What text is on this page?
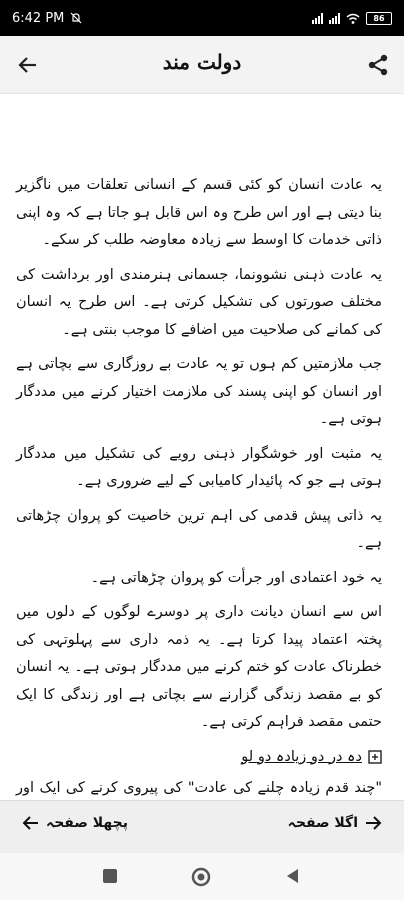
6:42 PM	86
دولت مند

یہ عادت انسان کو کئی قسم کے انسانی تعلقات میں ناگزیر بنا دیتی ہے اور اس طرح وہ اس قابل ہو جاتا ہے کہ وہ اپنی ذاتی خدمات کا اوسط سے زیادہ معاوضہ طلب کر سکے۔

یہ عادت ذہنی نشوونما، جسمانی ہنرمندی اور برداشت کی مختلف صورتوں کی تشکیل کرتی ہے۔ اس طرح یہ انسان کی کمانے کی صلاحیت میں اضافے کا موجب بنتی ہے۔

جب ملازمتیں کم ہوں تو یہ عادت بے روزگاری سے بچاتی ہے اور انسان کو اپنی پسند کی ملازمت اختیار کرنے میں مددگار ہوتی ہے۔

یہ مثبت اور خوشگوار ذہنی رویے کی تشکیل میں مددگار ہوتی ہے جو کہ پائیدار کامیابی کے لیے ضروری ہے۔

یہ ذاتی پیش قدمی کی اہم ترین خاصیت کو پروان چڑھاتی ہے۔

یہ خود اعتمادی اور جرأت کو پروان چڑھاتی ہے۔

اس سے انسان دیانت داری پر دوسرے لوگوں کے دلوں میں پختہ اعتماد پیدا کرتا ہے۔ یہ ذمہ داری سے پہلوتہی کی خطرناک عادت کو ختم کرنے میں مددگار ہوتی ہے۔ یہ انسان کو بے مقصد زندگی گزارنے سے بچاتی ہے اور زندگی کا ایک حتمی مقصد فراہم کرتی ہے۔

دہ در دو زیادہ دو لو

"چند قدم زیادہ چلنے کی عادت" کی پیروی کرنے کی ایک اور

اگلا صفحہ
پچھلا صفحہ
